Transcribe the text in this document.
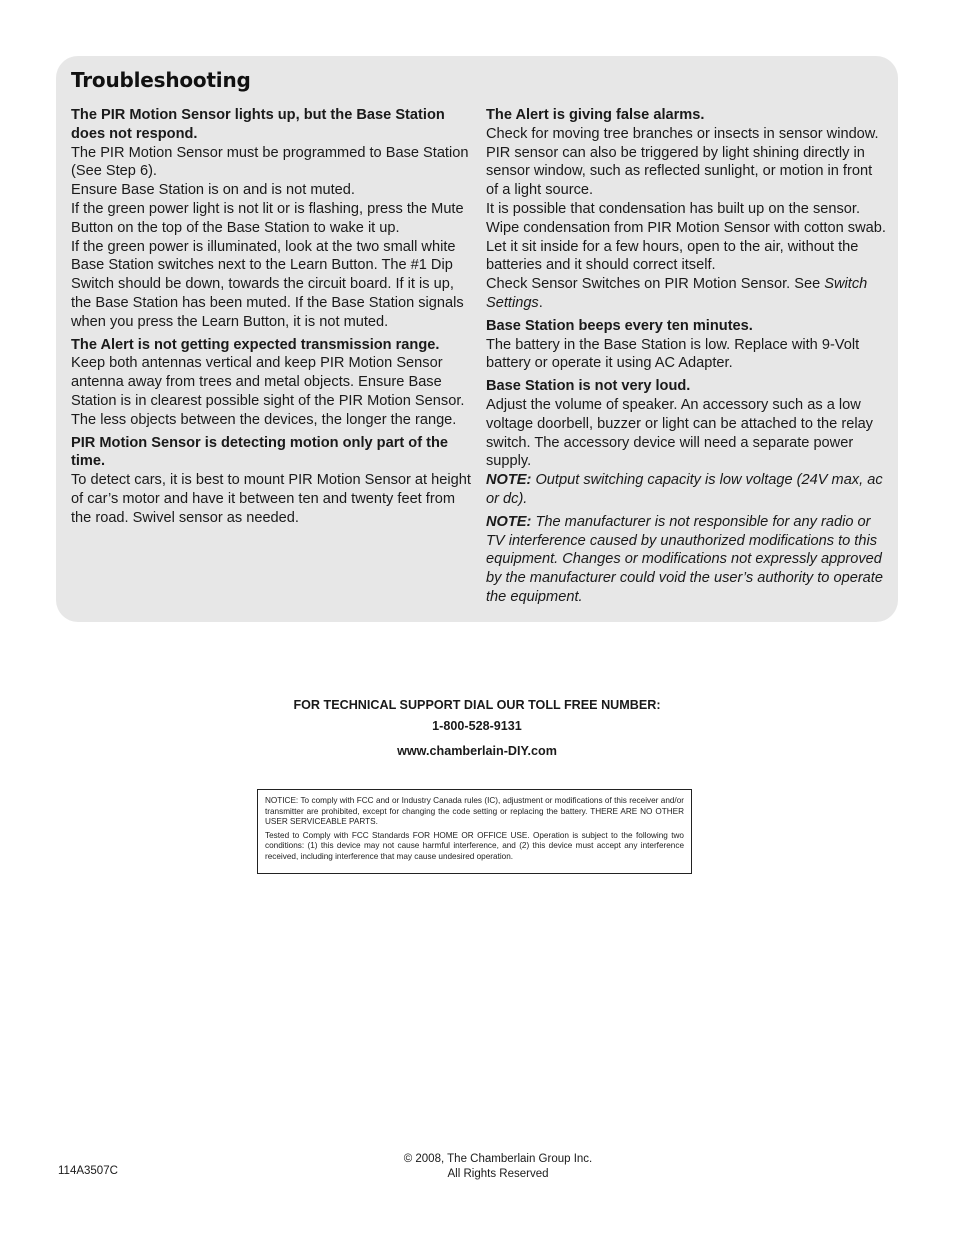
Troubleshooting

The PIR Motion Sensor lights up, but the Base Station does not respond.

The PIR Motion Sensor must be programmed to Base Station (See Step 6).

Ensure Base Station is on and is not muted.

If the green power light is not lit or is flashing, press the Mute Button on the top of the Base Station to wake it up.

If the green power is illuminated, look at the two small white Base Station switches next to the Learn Button. The #1 Dip Switch should be down, towards the circuit board. If it is up, the Base Station has been muted. If the Base Station signals when you press the Learn Button, it is not muted.

The Alert is not getting expected transmission range.

Keep both antennas vertical and keep PIR Motion Sensor antenna away from trees and metal objects. Ensure Base Station is in clearest possible sight of the PIR Motion Sensor. The less objects between the devices, the longer the range.

PIR Motion Sensor is detecting motion only part of the time.

To detect cars, it is best to mount PIR Motion Sensor at height of car’s motor and have it between ten and twenty feet from the road. Swivel sensor as needed.

The Alert is giving false alarms.

Check for moving tree branches or insects in sensor window. PIR sensor can also be triggered by light shining directly in sensor window, such as reflected sunlight, or motion in front of a light source.

It is possible that condensation has built up on the sensor. Wipe condensation from PIR Motion Sensor with cotton swab. Let it sit inside for a few hours, open to the air, without the batteries and it should correct itself.

Check Sensor Switches on PIR Motion Sensor. See Switch Settings.

Base Station beeps every ten minutes.

The battery in the Base Station is low. Replace with 9-Volt battery or operate it using AC Adapter.

Base Station is not very loud.

Adjust the volume of speaker. An accessory such as a low voltage doorbell, buzzer or light can be attached to the relay switch. The accessory device will need a separate power supply.

NOTE: Output switching capacity is low voltage (24V max, ac or dc).

NOTE: The manufacturer is not responsible for any radio or TV interference caused by unauthorized modifications to this equipment. Changes or modifications not expressly approved by the manufacturer could void the user’s authority to operate the equipment.

FOR TECHNICAL SUPPORT DIAL OUR TOLL FREE NUMBER:
1-800-528-9131
www.chamberlain-DIY.com

NOTICE: To comply with FCC and or Industry Canada rules (IC), adjustment or modifications of this receiver and/or transmitter are prohibited, except for changing the code setting or replacing the battery. THERE ARE NO OTHER USER SERVICEABLE PARTS.

Tested to Comply with FCC Standards FOR HOME OR OFFICE USE. Operation is subject to the following two conditions: (1) this device may not cause harmful interference, and (2) this device must accept any interference received, including interference that may cause undesired operation.

114A3507C
© 2008, The Chamberlain Group Inc.
All Rights Reserved
